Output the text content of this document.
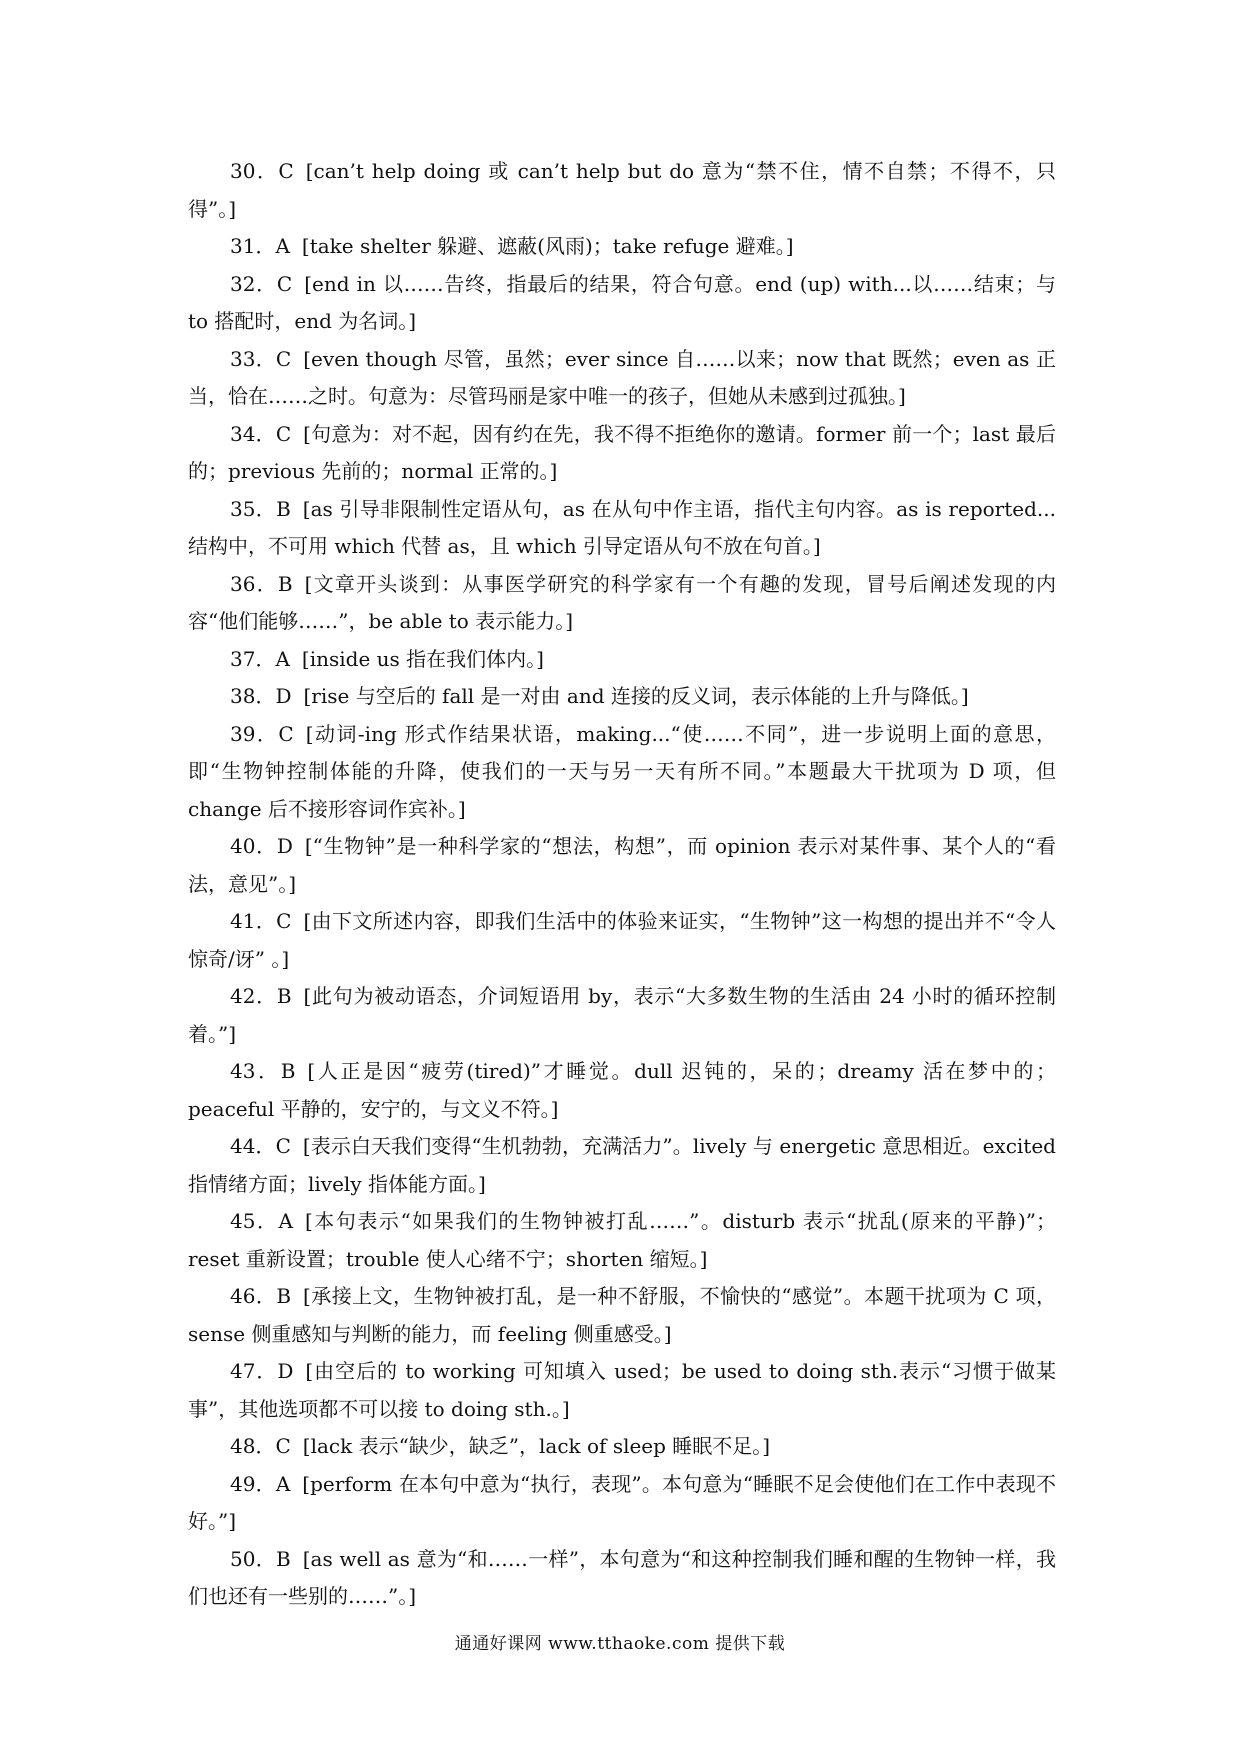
30．C [can’t help doing 或 can’t help but do 意为“禁不住，情不自禁；不得不，只得”。]

31．A [take shelter 躲避、遮蔽(风雨)；take refuge 避难。]

32．C [end in 以……告终，指最后的结果，符合句意。end (up) with...以……结束；与 to 搭配时，end 为名词。]

33．C [even though 尽管，虽然；ever since 自……以来；now that 既然；even as 正当，恰在……之时。句意为：尽管玛丽是家中唯一的孩子，但她从未感到过孤独。]

34．C [句意为：对不起，因有约在先，我不得不拒绝你的邀请。former 前一个；last 最后的；previous 先前的；normal 正常的。]

35．B [as 引导非限制性定语从句，as 在从句中作主语，指代主句内容。as is reported...结构中，不可用 which 代替 as，且 which 引导定语从句不放在句首。]

36．B [文章开头谈到：从事医学研究的科学家有一个有趣的发现，冒号后阐述发现的内容“他们能够……”，be able to 表示能力。]

37．A [inside us 指在我们体内。]

38．D [rise 与空后的 fall 是一对由 and 连接的反义词，表示体能的上升与降低。]

39．C [动词-ing 形式作结果状语，making...“使……不同”，进一步说明上面的意思，即“生物钟控制体能的升降，使我们的一天与另一天有所不同。”本题最大干扰项为 D 项，但 change 后不接形容词作宾补。]

40．D [“生物钟”是一种科学家的“想法，构想”，而 opinion 表示对某件事、某个人的“看法，意见”。]

41．C [由下文所述内容，即我们生活中的体验来证实，“生物钟”这一构想的提出并不“令人惊奇/讶” 。]

42．B [此句为被动语态，介词短语用 by，表示“大多数生物的生活由 24 小时的循环控制着。”]

43．B [人正是因“疲劳(tired)”才睡觉。dull 迟钝的，呆的；dreamy 活在梦中的；peaceful 平静的，安宁的，与文义不符。]

44．C [表示白天我们变得“生机勃勃，充满活力”。lively 与 energetic 意思相近。excited 指情绪方面；lively 指体能方面。]

45．A [本句表示“如果我们的生物钟被打乱……”。disturb 表示“扰乱(原来的平静)”；reset 重新设置；trouble 使人心绪不宁；shorten 缩短。]

46．B [承接上文，生物钟被打乱，是一种不舒服，不愉快的“感觉”。本题干扰项为 C 项，sense 侧重感知与判断的能力，而 feeling 侧重感受。]

47．D [由空后的 to working 可知填入 used；be used to doing sth.表示“习惯于做某事”，其他选项都不可以接 to doing sth.。]

48．C [lack 表示“缺少，缺乏”，lack of sleep 睡眠不足。]

49．A [perform 在本句中意为“执行，表现”。本句意为“睡眠不足会使他们在工作中表现不好。”]

50．B [as well as 意为“和……一样”，本句意为“和这种控制我们睡和醒的生物钟一样，我们也还有一些别的……”。]

通通好课网 www.tthaoke.com 提供下载
